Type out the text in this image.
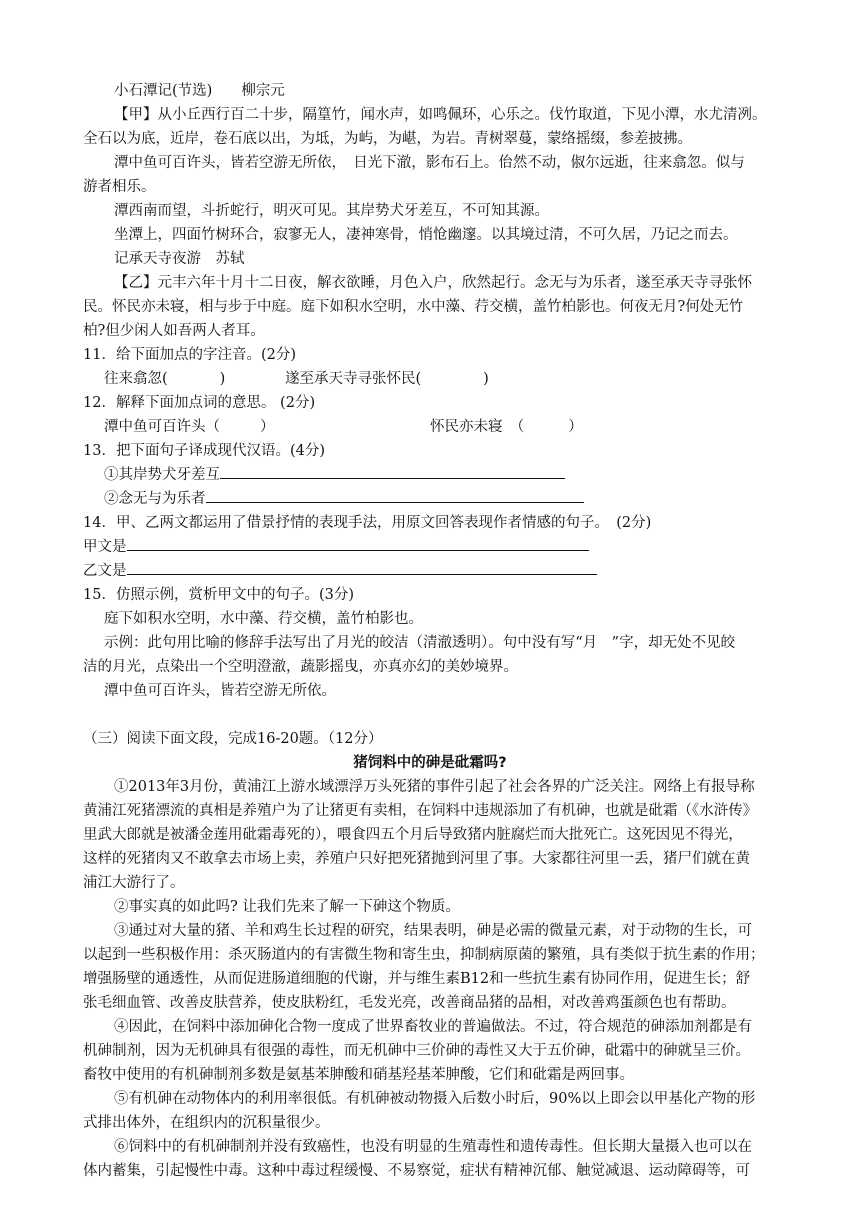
小石潭记(节选)　　柳宗元
【甲】从小丘西行百二十步，隔篁竹，闻水声，如鸣佩环，心乐之。伐竹取道，下见小潭，水尤清冽。
全石以为底，近岸，卷石底以出，为坻，为屿，为嵁，为岩。青树翠蔓，蒙络摇缀，参差披拂。
潭中鱼可百许头，皆若空游无所依，　日光下澈，影布石上。佁然不动，俶尔远逝，往来翕忽。似与
游者相乐。
潭西南而望，斗折蛇行，明灭可见。其岸势犬牙差互，不可知其源。
坐潭上，四面竹树环合，寂寥无人，凄神寒骨，悄怆幽邃。以其境过清，不可久居，乃记之而去。
记承天寺夜游　苏轼
【乙】元丰六年十月十二日夜，解衣欲睡，月色入户，欣然起行。念无与为乐者，遂至承天寺寻张怀
民。怀民亦未寝，相与步于中庭。庭下如积水空明，水中藻、荇交横，盖竹柏影也。何夜无月?何处无竹
柏?但少闲人如吾两人者耳。
11．给下面加点的字注音。(2分)
往来翕忽(	)	遂至承天寺寻张怀民(	)
12．解释下面加点词的意思。 (2分)
潭中鱼可百许头（	）	怀民亦未寝　（	）
13．把下面句子译成现代汉语。(4分)
①其岸势犬牙差互
②念无与为乐者
14．甲、乙两文都运用了借景抒情的表现手法，用原文回答表现作者情感的句子。　(2分)
甲文是
乙文是
15．仿照示例，赏析甲文中的句子。(3分)
庭下如积水空明，水中藻、荇交横，盖竹柏影也。
示例：此句用比喻的修辞手法写出了月光的皎洁（清澈透明）。句中没有写“月　”字，却无处不见皎
洁的月光，点染出一个空明澄澈，蔬影摇曳，亦真亦幻的美妙境界。
潭中鱼可百许头，皆若空游无所依。
（三）阅读下面文段，完成16-20题。（12分）
猪饲料中的砷是砒霜吗?
①2013年3月份，黄浦江上游水域漂浮万头死猪的事件引起了社会各界的广泛关注。网络上有报导称
黄浦江死猪漂流的真相是养殖户为了让猪更有卖相，在饲料中违规添加了有机砷，也就是砒霜（《水浒传》
里武大郎就是被潘金莲用砒霜毒死的），喂食四五个月后导致猪内脏腐烂而大批死亡。这死因见不得光，
这样的死猪肉又不敢拿去市场上卖，养殖户只好把死猪抛到河里了事。大家都往河里一丢，猪尸们就在黄
浦江大游行了。
②事实真的如此吗? 让我们先来了解一下砷这个物质。
③通过对大量的猪、羊和鸡生长过程的研究，结果表明，砷是必需的微量元素，对于动物的生长，可
以起到一些积极作用：杀灭肠道内的有害微生物和寄生虫，抑制病原菌的繁殖，具有类似于抗生素的作用；
增强肠壁的通透性，从而促进肠道细胞的代谢，并与维生素B12和一些抗生素有协同作用，促进生长；舒
张毛细血管、改善皮肤营养，使皮肤粉红，毛发光亮，改善商品猪的品相，对改善鸡蛋颜色也有帮助。
④因此，在饲料中添加砷化合物一度成了世界畜牧业的普遍做法。不过，符合规范的砷添加剂都是有
机砷制剂，因为无机砷具有很强的毒性，而无机砷中三价砷的毒性又大于五价砷，砒霜中的砷就呈三价。
畜牧中使用的有机砷制剂多数是氨基苯胂酸和硝基羟基苯胂酸，它们和砒霜是两回事。
⑤有机砷在动物体内的利用率很低。有机砷被动物摄入后数小时后，90%以上即会以甲基化产物的形
式排出体外，在组织内的沉积量很少。
⑥饲料中的有机砷制剂并没有致癌性，也没有明显的生殖毒性和遗传毒性。但长期大量摄入也可以在
体内蓄集，引起慢性中毒。这种中毒过程缓慢、不易察觉，症状有精神沉郁、触觉减退、运动障碍等，可
